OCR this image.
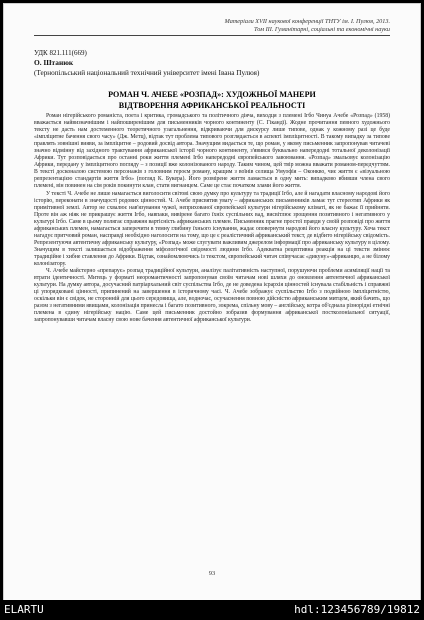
Матеріали ХVІІ наукової конференції ТНТУ ім. І. Пулюя, 2013.
Том ІІІ. Гуманітарні, соціальні та економічні науки
УДК 821.111(669)
О. Штанюк
(Тернопільський національний технічний університет імені Івана Пулюя)
РОМАН Ч. АЧЕБЕ «РОЗПАД»: ХУДОЖНЬОЇ МАНЕРИ
ВІДТВОРЕННЯ АФРИКАНСЬКОЇ РЕАЛЬНОСТІ

Роман нігерійського романіста, поета і критика, громадського та політичного діяча, виходця з племені Ігбо Чинуа Ачебе «Розпад» (1958) вважається найвизначнішим і найпоширенішим для письменників чорного континенту (С. Гікандї). Жодне прочитання певного художнього тексту не дасть нам достеменного теоретичного узагальнення, відкриваючи для дискурсу лише типове, однак у кожному разі це буде «імпліцитне бачення свого часу» (Дж. Метц), відтак тут проблема типового розглядається в аспекті імпліцитності. В такому випадку за типове правлять зовнішні вияви, за імпліцитне – родовий досвід автора. Значущим видається те, що роман, у якому письменник запропонував читачеві значно відмінну від західного трактування африканської історії чорного континенту, з'явився буквально напередодні тотальної деколонізації Африки. Тут розповідається про останні роки життя племені Ігбо напередодні європейського завоювання. «Розпад» змальовує колонізацію Африки, передану у імпліцитного погляду – з позиції вже колонізованого народу. Таким чином, цей твір можна вважати романом-передчуттям. В тексті досконалою системою персонажів з головним героєм роману, кращим з воїнів селища Умуофія – Оконкво, чиє життя є «візуальною репрезентацією стандартів життя Ігбо» (погляд К. Букера). Його розмірене життя ламається в одну мить: випадково вбивши члена свого племені, він повинен на сім років покинути клан, стати вигнанцем. Саме це стає початком злами його життя.

У тексті Ч. Ачебе не лише намагається виголосити світові свою думку про культуру та традиції Ігбо, але й нагадати власному народові його історію, переконати в значущості родових цінностей. Ч. Ачебе присвятив увагу – африканських письменників ламає тут стереотип Африки як примітивної землі. Автор не схвалює нав'язування чужої, неприхованої європейської культури нігерійському кліматі, як не бажає її прийняти. Проте він аж ніяк не прикрашує життя Ігбо, навпаки, вивірене багато їхніх суспільних вад, висвітлює зрощення позитивного і негативного у культурі Ігбо. Саме в цьому полягає справжня вартісність африканських племен. Письменник прагне простої правди у своїй розповіді про життя африканських племен, намагається заперечити в темну глибину їхнього існування, жадає оповернути народові його власну культуру. Хоча текст нагадує притчовий роман, насправді необхідно наголосити на тому, що це є реалістичний африканський текст, де відбито нігерійську свідомість. Репрезентуючи автентичну африканську культуру, «Розпад» може слугувати важливим джерелом інформації про африканську культуру в цілому. Значущим в тексті залишається відображення міфологічної свідомості людини Ігбо. Адекватна рецептивна реакція на ці тексти змінює традиційне і хибне ставлення до Африки. Відтак, ознайомлюючись із текстом, європейський читач співучасає «дикуну»-африканцю, а не білому колонізатору.

Ч. Ачебе майстерно «препарує» розпад традиційної культури, аналізує палітативність наступної, порушуючи проблеми асиміляції нації та втрати ідентичності. Митець у форматі неоромантичності запропонував своїм читачам нові шляхи до оновлення автентичної африканської культури. На думку автора, досучасний патріархальний світ суспільства Ігбо, де не доведена ієрархія цінностей існувала стабільність і справжні ці упорядковані цінності, припинений на завершення в історичному часі. Ч. Ачебе зображує суспільство Ігбо з подвійною імпліцитністю, оскільки він є свідок, не сторонній для цього середовища, але, водночас, осучаснення повною дійсністю африканським митцем, який бачить, що разом з негативними явищами, колонізація принесла і багато позитивного, зокрема, спільну мову – англійську, котра об'єднала різнорідні етнічні племена в єдину нігерійську націю. Саме цей письменник достойно зобразив формування африканської постколоніальної ситуації, запропонувавши читачам власну свою нове бачення автентичної африканської культури.

93
ELARTU	hdl:123456789/19812
